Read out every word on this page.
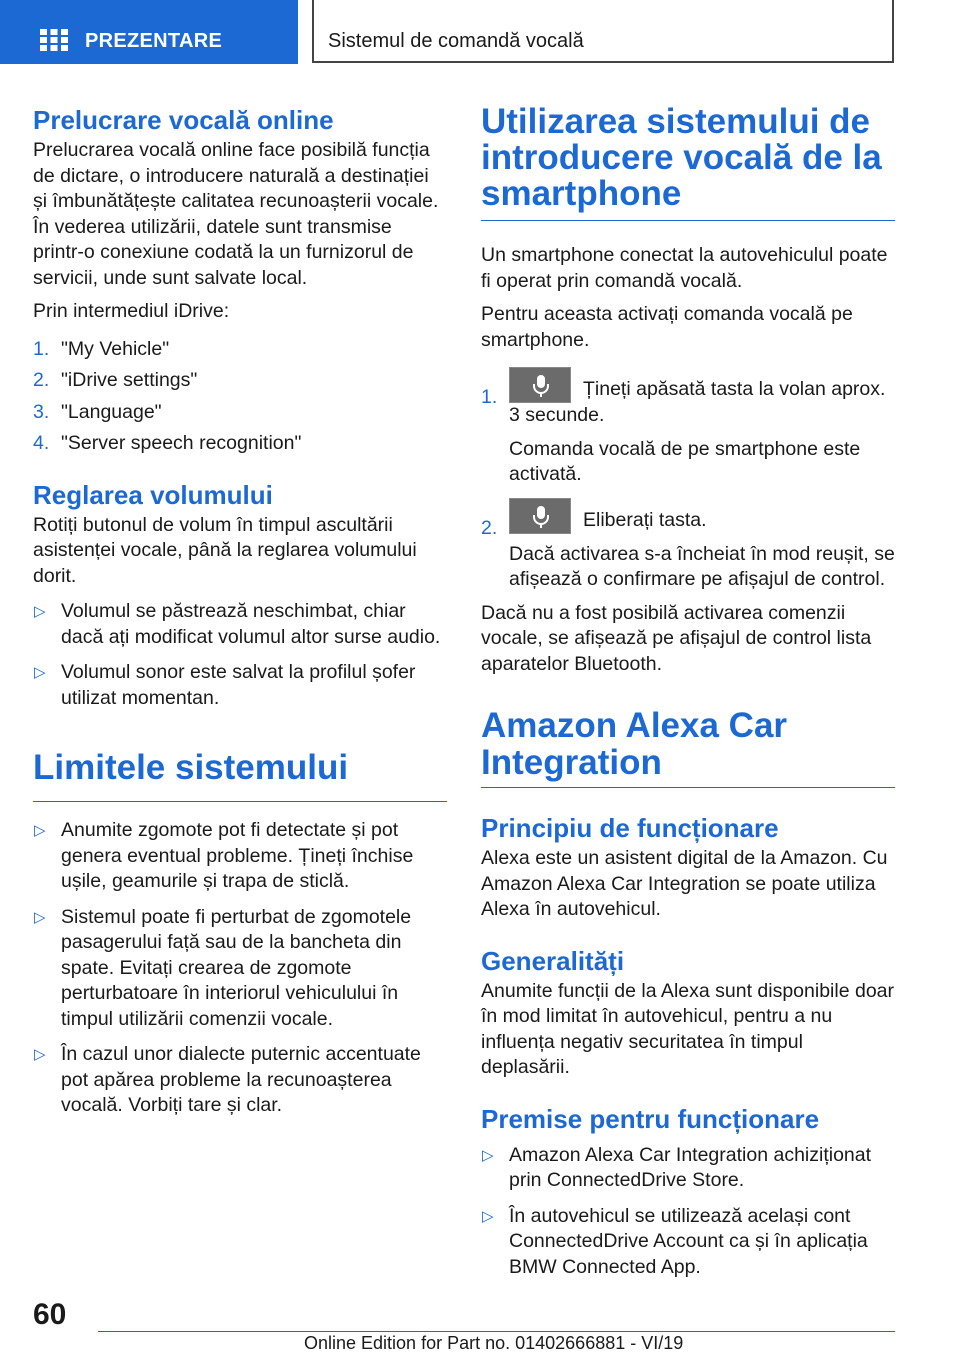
PREZENTARE	Sistemul de comandă vocală
Prelucrare vocală online

Prelucrarea vocală online face posibilă funcția de dictare, o introducere naturală a destinației și îmbunătățește calitatea recunoașterii vocale. În vederea utilizării, datele sunt transmise printr-o conexiune codată la un furnizorul de servicii, unde sunt salvate local.

Prin intermediul iDrive:

1. "My Vehicle"
2. "iDrive settings"
3. "Language"
4. "Server speech recognition"
Reglarea volumului

Rotiți butonul de volum în timpul ascultării asistenței vocale, până la reglarea volumului dorit.

▷ Volumul se păstrează neschimbat, chiar dacă ați modificat volumul altor surse audio.
▷ Volumul sonor este salvat la profilul șofer utilizat momentan.
Limitele sistemului
▷ Anumite zgomote pot fi detectate și pot genera eventual probleme. Țineți închise ușile, geamurile și trapa de sticlă.
▷ Sistemul poate fi perturbat de zgomotele pasagerului față sau de la bancheta din spate. Evitați crearea de zgomote perturbatoare în interiorul vehiculului în timpul utilizării comenzii vocale.
▷ În cazul unor dialecte puternic accentuate pot apărea probleme la recunoașterea vocală. Vorbiți tare și clar.
Utilizarea sistemului de introducere vocală de la smartphone

Un smartphone conectat la autovehiculul poate fi operat prin comandă vocală.

Pentru aceasta activați comanda vocală pe smartphone.

1.	Țineți apăsată tasta la volan aprox. 3 secunde.

Comanda vocală de pe smartphone este activată.

2.	Eliberați tasta.

Dacă activarea s-a încheiat în mod reușit, se afișează o confirmare pe afișajul de control.

Dacă nu a fost posibilă activarea comenzii vocale, se afișează pe afișajul de control lista aparatelor Bluetooth.

Amazon Alexa Car Integration
Principiu de funcționare

Alexa este un asistent digital de la Amazon. Cu Amazon Alexa Car Integration se poate utiliza Alexa în autovehicul.

Generalități

Anumite funcții de la Alexa sunt disponibile doar în mod limitat în autovehicul, pentru a nu influența negativ securitatea în timpul deplasării.

Premise pentru funcționare
▷ Amazon Alexa Car Integration achiziționat prin ConnectedDrive Store.
▷ În autovehicul se utilizează același cont ConnectedDrive Account ca și în aplicația BMW Connected App.
60
Online Edition for Part no. 01402666881 - VI/19
